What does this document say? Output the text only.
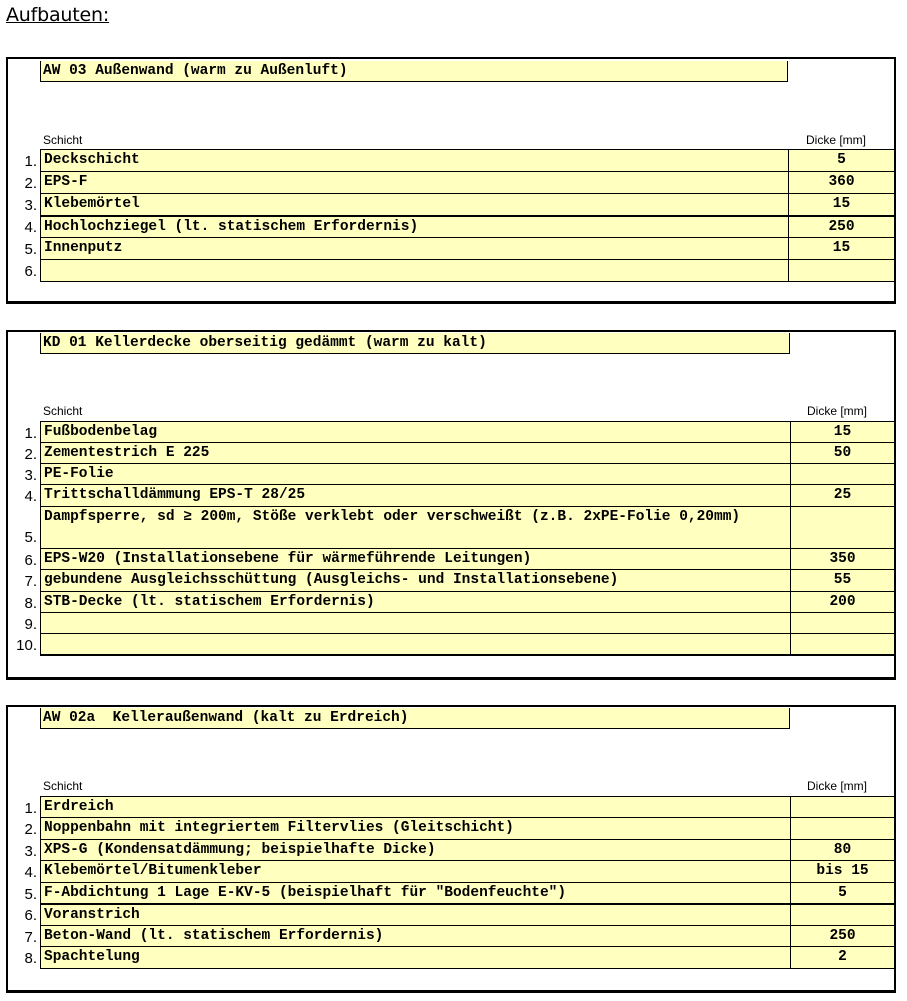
Aufbauten:
AW 03 Außenwand (warm zu Außenluft)
Schicht	Dicke [mm]
1. Deckschicht	5
2. EPS-F	360
3. Klebemörtel	15
4. Hochlochziegel (lt. statischem Erfordernis)	250
5. Innenputz	15
6.
KD 01 Kellerdecke oberseitig gedämmt (warm zu kalt)
Schicht	Dicke [mm]
1. Fußbodenbelag	15
2. Zementestrich E 225	50
3. PE-Folie
4. Trittschalldämmung EPS-T 28/25	25
5.
Dampfsperre, sd ≥ 200m, Stöße verklebt oder verschweißt (z.B. 2xPE-Folie 0,20mm)
6. EPS-W20 (Installationsebene für wärmeführende Leitungen)	350
7. gebundene Ausgleichsschüttung (Ausgleichs- und Installationsebene)	55
8. STB-Decke (lt. statischem Erfordernis)	200
9.
10.
AW 02a  Kelleraußenwand (kalt zu Erdreich)
Schicht	Dicke [mm]
1. Erdreich
2. Noppenbahn mit integriertem Filtervlies (Gleitschicht)
3. XPS-G (Kondensatdämmung; beispielhafte Dicke)	80
4. Klebemörtel/Bitumenkleber	bis 15
5. F-Abdichtung 1 Lage E-KV-5 (beispielhaft für "Bodenfeuchte")	5
6. Voranstrich
7. Beton-Wand (lt. statischem Erfordernis)	250
8. Spachtelung	2
